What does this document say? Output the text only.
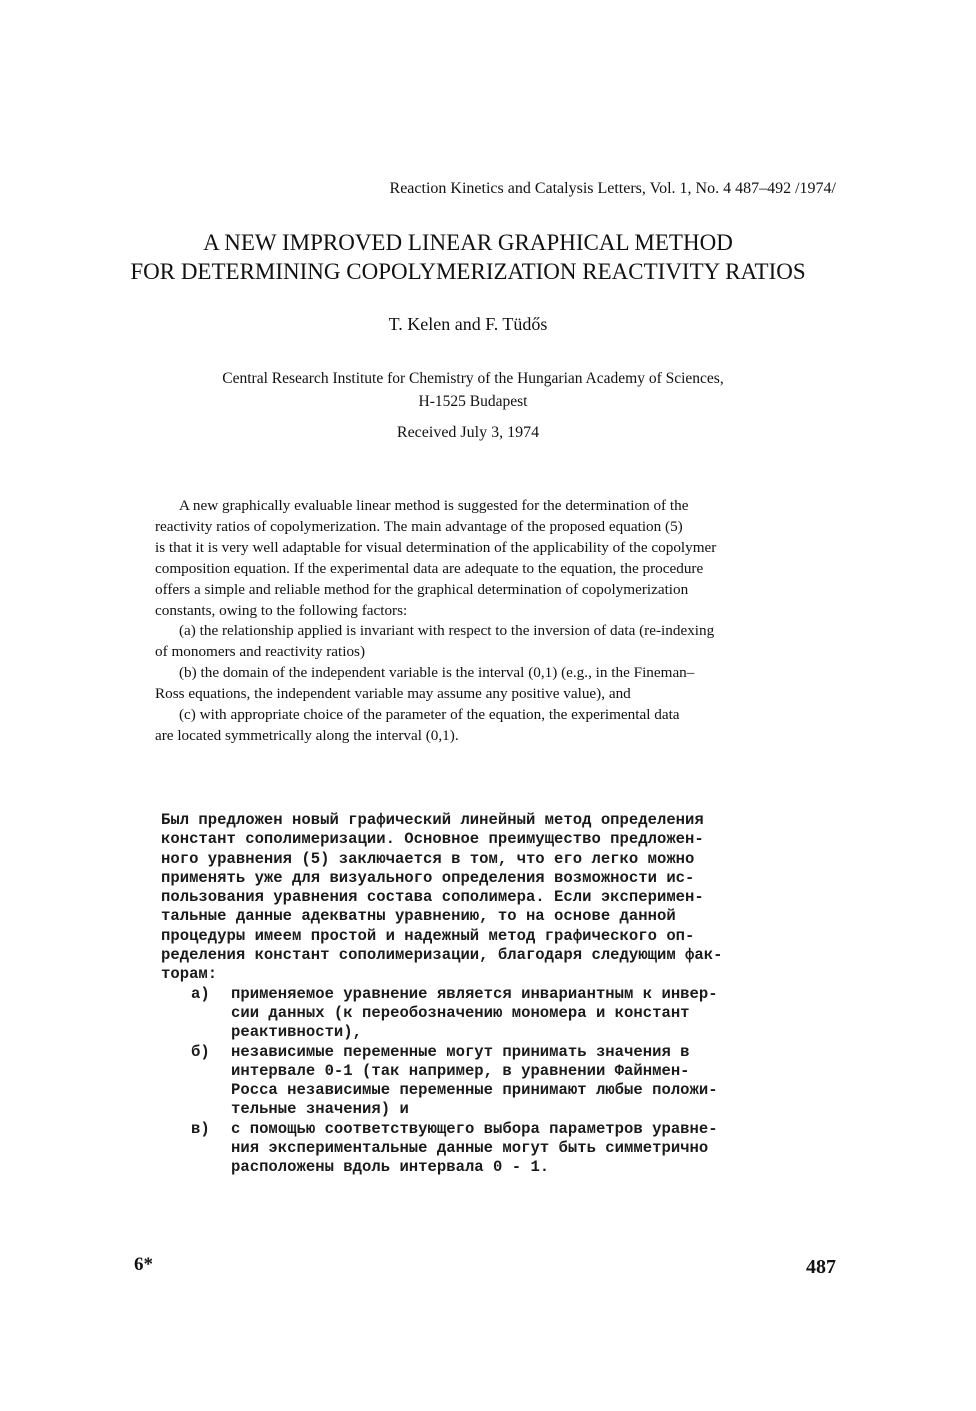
Reaction Kinetics and Catalysis Letters, Vol. 1, No. 4 487–492 /1974/
A NEW IMPROVED LINEAR GRAPHICAL METHOD
FOR DETERMINING COPOLYMERIZATION REACTIVITY RATIOS
T. Kelen and F. Tüdős
Central Research Institute for Chemistry of the Hungarian Academy of Sciences,
H-1525 Budapest
Received July 3, 1974

A new graphically evaluable linear method is suggested for the determination of the

reactivity ratios of copolymerization. The main advantage of the proposed equation (5)

is that it is very well adaptable for visual determination of the applicability of the copolymer

composition equation. If the experimental data are adequate to the equation, the procedure

offers a simple and reliable method for the graphical determination of copolymerization

constants, owing to the following factors:

(a) the relationship applied is invariant with respect to the inversion of data (re-indexing

of monomers and reactivity ratios)

(b) the domain of the independent variable is the interval (0,1) (e.g., in the Fineman–

Ross equations, the independent variable may assume any positive value), and

(c) with appropriate choice of the parameter of the equation, the experimental data

are located symmetrically along the interval (0,1).

Был предложен новый графический линейный метод определения
констант сополимеризации. Основное преимущество предложен-
ного уравнения (5) заключается в том, что его легко можно
применять уже для визуального определения возможности ис-
пользования уравнения состава сополимера. Если эксперимен-
тальные данные адекватны уравнению, то на основе данной
процедуры имеем простой и надежный метод графического оп-
ределения констант сополимеризации, благодаря следующим фак-
торам:
а)	применяемое уравнение является инвариантным к инвер-
сии данных (к переобозначению мономера и констант
реактивности),
б)	независимые переменные могут принимать значения в
интервале 0-1 (так например, в уравнении Файнмен-
Росса независимые переменные принимают любые положи-
тельные значения) и
в)	с помощью соответствующего выбора параметров уравне-
ния экспериментальные данные могут быть симметрично
расположены вдоль интервала 0 - 1.
6*	487
